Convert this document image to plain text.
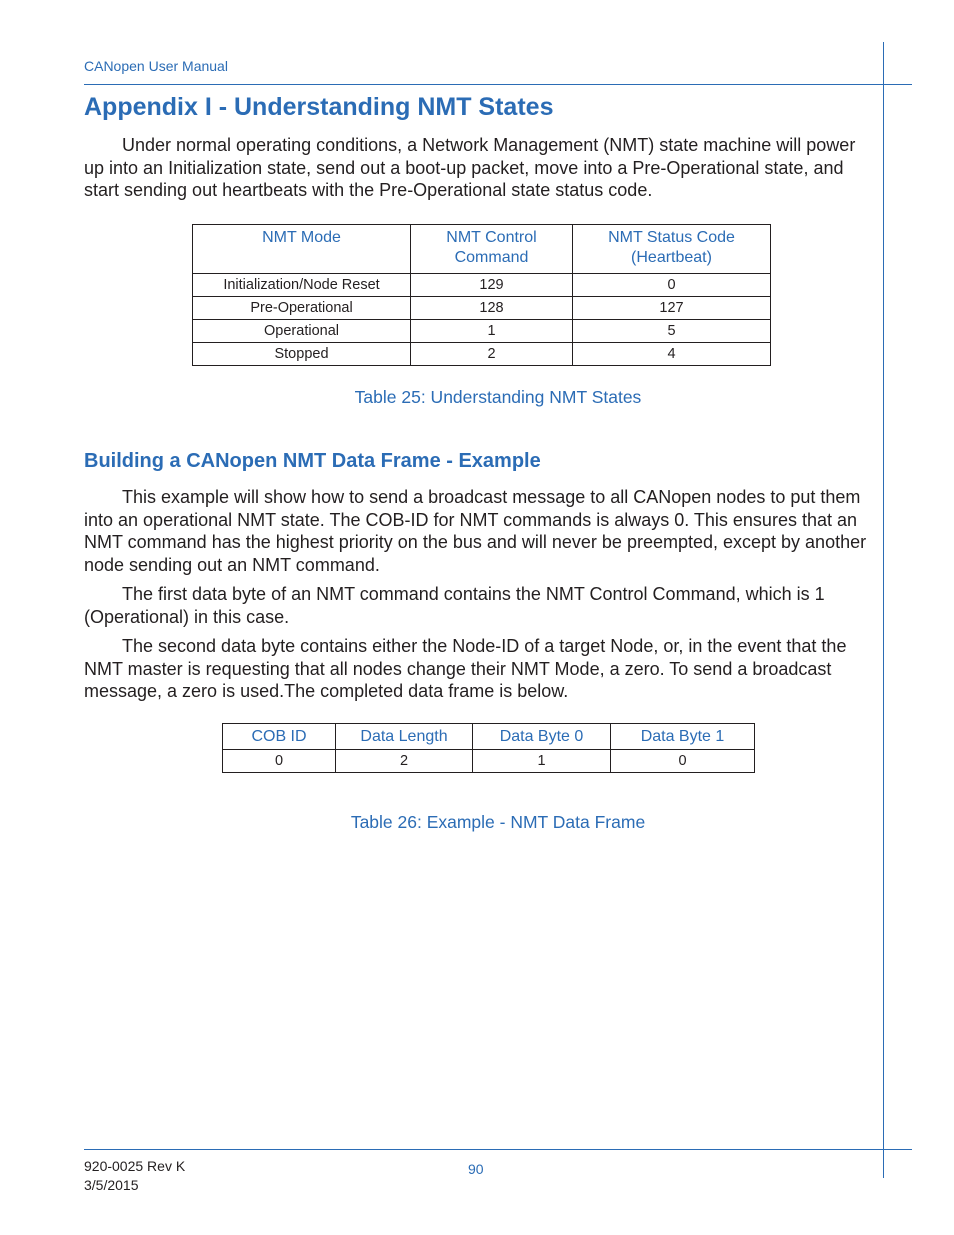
CANopen User Manual
Appendix I - Understanding NMT States

Under normal operating conditions, a Network Management (NMT) state machine will power up into an Initialization state, send out a boot-up packet, move into a Pre-Operational state, and start sending out heartbeats with the Pre-Operational state status code.

NMT Mode	NMT Control Command	NMT Status Code (Heartbeat)
Initialization/Node Reset	129	0
Pre-Operational	128	127
Operational	1	5
Stopped	2	4
Table 25: Understanding NMT States
Building a CANopen NMT Data Frame - Example

This example will show how to send a broadcast message to all CANopen nodes to put them into an operational NMT state. The COB-ID for NMT commands is always 0. This ensures that an NMT command has the highest priority on the bus and will never be preempted, except by another node sending out an NMT command.

The first data byte of an NMT command contains the NMT Control Command, which is 1 (Operational) in this case.

The second data byte contains either the Node-ID of a target Node, or, in the event that the NMT master is requesting that all nodes change their NMT Mode, a zero. To send a broadcast message, a zero is used.The completed data frame is below.

COB ID	Data Length	Data Byte 0	Data Byte 1
0	2	1	0
Table 26: Example - NMT Data Frame
920-0025 Rev K
3/5/2015
90
